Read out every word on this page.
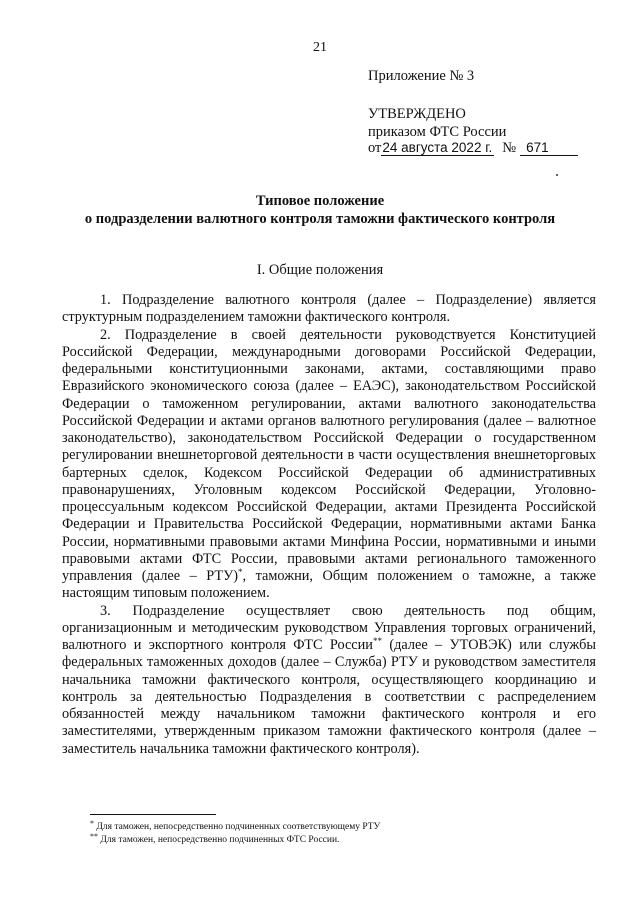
21
Приложение № 3
УТВЕРЖДЕНО
приказом ФТС России
от24 августа 2022 г. № 671
Типовое положение
о подразделении валютного контроля таможни фактического контроля
I. Общие положения

1. Подразделение валютного контроля (далее – Подразделение) является структурным подразделением таможни фактического контроля.

2. Подразделение в своей деятельности руководствуется Конституцией Российской Федерации, международными договорами Российской Федерации, федеральными конституционными законами, актами, составляющими право Евразийского экономического союза (далее – ЕАЭС), законодательством Российской Федерации о таможенном регулировании, актами валютного законодательства Российской Федерации и актами органов валютного регулирования (далее – валютное законодательство), законодательством Российской Федерации о государственном регулировании внешнеторговой деятельности в части осуществления внешнеторговых бартерных сделок, Кодексом Российской Федерации об административных правонарушениях, Уголовным кодексом Российской Федерации, Уголовно-процессуальным кодексом Российской Федерации, актами Президента Российской Федерации и Правительства Российской Федерации, нормативными актами Банка России, нормативными правовыми актами Минфина России, нормативными и иными правовыми актами ФТС России, правовыми актами регионального таможенного управления (далее – РТУ)*, таможни, Общим положением о таможне, а также настоящим типовым положением.

3. Подразделение осуществляет свою деятельность под общим, организационным и методическим руководством Управления торговых ограничений, валютного и экспортного контроля ФТС России** (далее – УТОВЭК) или службы федеральных таможенных доходов (далее – Служба) РТУ и руководством заместителя начальника таможни фактического контроля, осуществляющего координацию и контроль за деятельностью Подразделения в соответствии с распределением обязанностей между начальником таможни фактического контроля и его заместителями, утвержденным приказом таможни фактического контроля (далее – заместитель начальника таможни фактического контроля).

* Для таможен, непосредственно подчиненных соответствующему РТУ
** Для таможен, непосредственно подчиненных ФТС России.
